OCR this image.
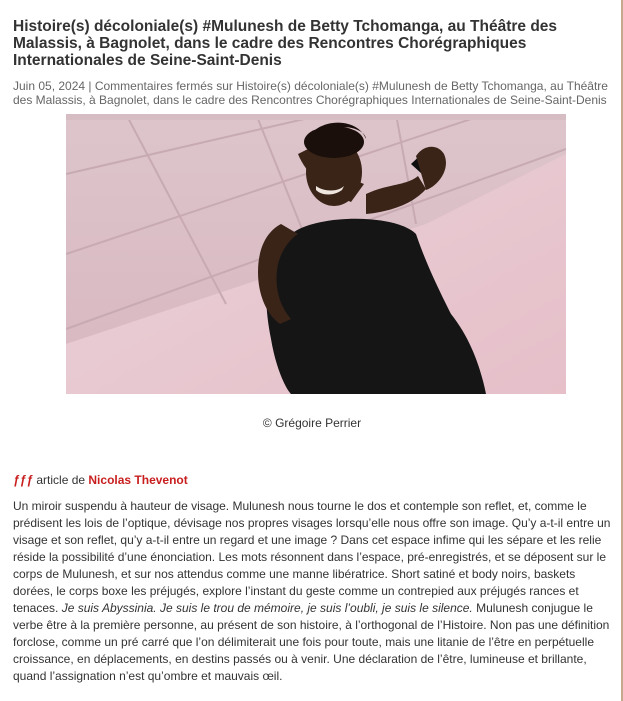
Histoire(s) décoloniale(s) #Mulunesh de Betty Tchomanga, au Théâtre des Malassis, à Bagnolet, dans le cadre des Rencontres Chorégraphiques Internationales de Seine-Saint-Denis
Juin 05, 2024 | Commentaires fermés sur Histoire(s) décoloniale(s) #Mulunesh de Betty Tchomanga, au Théâtre des Malassis, à Bagnolet, dans le cadre des Rencontres Chorégraphiques Internationales de Seine-Saint-Denis
© Grégoire Perrier
ƒƒƒ article de Nicolas Thevenot
Un miroir suspendu à hauteur de visage. Mulunesh nous tourne le dos et contemple son reflet, et, comme le prédisent les lois de l’optique, dévisage nos propres visages lorsqu’elle nous offre son image. Qu’y a-t-il entre un visage et son reflet, qu’y a-t-il entre un regard et une image ? Dans cet espace infime qui les sépare et les relie réside la possibilité d’une énonciation. Les mots résonnent dans l’espace, pré-enregistrés, et se déposent sur le corps de Mulunesh, et sur nos attendus comme une manne libératrice. Short satiné et body noirs, baskets dorées, le corps boxe les préjugés, explore l’instant du geste comme un contrepied aux préjugés rances et tenaces. Je suis Abyssinia. Je suis le trou de mémoire, je suis l’oubli, je suis le silence. Mulunesh conjugue le verbe être à la première personne, au présent de son histoire, à l’orthogonal de l’Histoire. Non pas une définition forclose, comme un pré carré que l’on délimiterait une fois pour toute, mais une litanie de l’être en perpétuelle croissance, en déplacements, en destins passés ou à venir. Une déclaration de l’être, lumineuse et brillante, quand l’assignation n’est qu’ombre et mauvais œil.
